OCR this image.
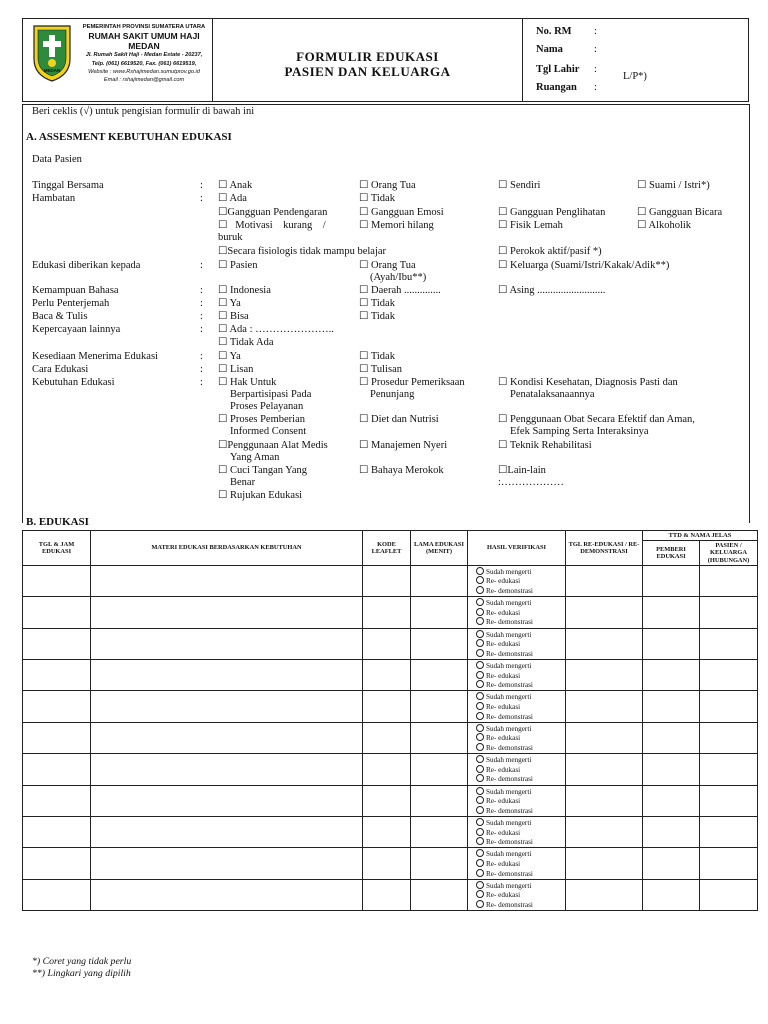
MEDAN
PEMERINTAH PROVINSI SUMATERA UTARA
RUMAH SAKIT UMUM HAJI MEDAN
Jl. Rumah Sakit Haji - Medan Estate - 20237,
Telp. (061) 6619520, Fax. (061) 6619519,
Website : www.Rshajimedan.sumutprov.go.id
Email : rshajimedan@gmail.com
FORMULIR EDUKASI
PASIEN DAN KELUARGA
No. RM :
Nama	:
Tgl Lahir :
L/P*)
Ruangan :
Beri ceklis (√) untuk pengisian formulir di bawah ini
A. ASSESMENT KEBUTUHAN EDUKASI
Data Pasien
Tinggal Bersama	: ☐ Anak	☐ Orang Tua	☐ Sendiri	☐ Suami / Istri*)
Hambatan	: ☐ Ada	☐ Tidak
☐Gangguan Pendengaran	☐ Gangguan Emosi	☐ Gangguan Penglihatan	☐ Gangguan Bicara
☐   Motivasi    kurang    /	☐ Memori hilang	☐ Fisik Lemah	☐ Alkoholik
buruk
☐Secara fisiologis tidak mampu belajar	☐ Perokok aktif/pasif *)
Edukasi diberikan kepada	: ☐ Pasien	☐ Orang Tua	☐ Keluarga (Suami/Istri/Kakak/Adik**)
(Ayah/Ibu**)
Kemampuan Bahasa	: ☐ Indonesia	☐ Daerah ..............	☐ Asing ..........................
Perlu Penterjemah	: ☐ Ya	☐ Tidak
Baca & Tulis	: ☐ Bisa	☐ Tidak
Kepercayaan lainnya	: ☐ Ada : …………………..
☐ Tidak Ada
Kesediaan Menerima Edukasi	: ☐ Ya	☐ Tidak
Cara Edukasi	: ☐ Lisan	☐ Tulisan
Kebutuhan Edukasi	: ☐ Hak Untuk	☐ Prosedur Pemeriksaan	☐ Kondisi Kesehatan, Diagnosis Pasti dan
Berpartisipasi Pada	Penunjang	Penatalaksanaannya
Proses Pelayanan
☐ Proses Pemberian	☐ Diet dan Nutrisi	☐ Penggunaan Obat Secara Efektif dan Aman,
Informed Consent	Efek Samping Serta Interaksinya
☐Penggunaan Alat Medis	☐ Manajemen Nyeri	☐ Teknik Rehabilitasi
Yang Aman
☐ Cuci Tangan Yang	☐ Bahaya Merokok	☐Lain-lain
Benar	:………………
☐ Rujukan Edukasi
B. EDUKASI
TGL & JAM EDUKASI	MATERI EDUKASI BERDASARKAN KEBUTUHAN	KODE LEAFLET	LAMA EDUKASI (MENIT)	HASIL VERIFIKASI	TGL RE-EDUKASI / RE-DEMONSTRASI	TTD & NAMA JELAS	
						PEMBERI EDUKASI	PASIEN / KELUARGA (HUBUNGAN)

				Sudah mengerti
Re- edukasi
Re- demonstrasi			

				Sudah mengerti
Re- edukasi
Re- demonstrasi			

				Sudah mengerti
Re- edukasi
Re- demonstrasi			

				Sudah mengerti
Re- edukasi
Re- demonstrasi			

				Sudah mengerti
Re- edukasi
Re- demonstrasi			

				Sudah mengerti
Re- edukasi
Re- demonstrasi			

				Sudah mengerti
Re- edukasi
Re- demonstrasi			

				Sudah mengerti
Re- edukasi
Re- demonstrasi			

				Sudah mengerti
Re- edukasi
Re- demonstrasi			

				Sudah mengerti
Re- edukasi
Re- demonstrasi			

				Sudah mengerti
Re- edukasi
Re- demonstrasi			

*) Coret yang tidak perlu
**) Lingkari yang dipilih
